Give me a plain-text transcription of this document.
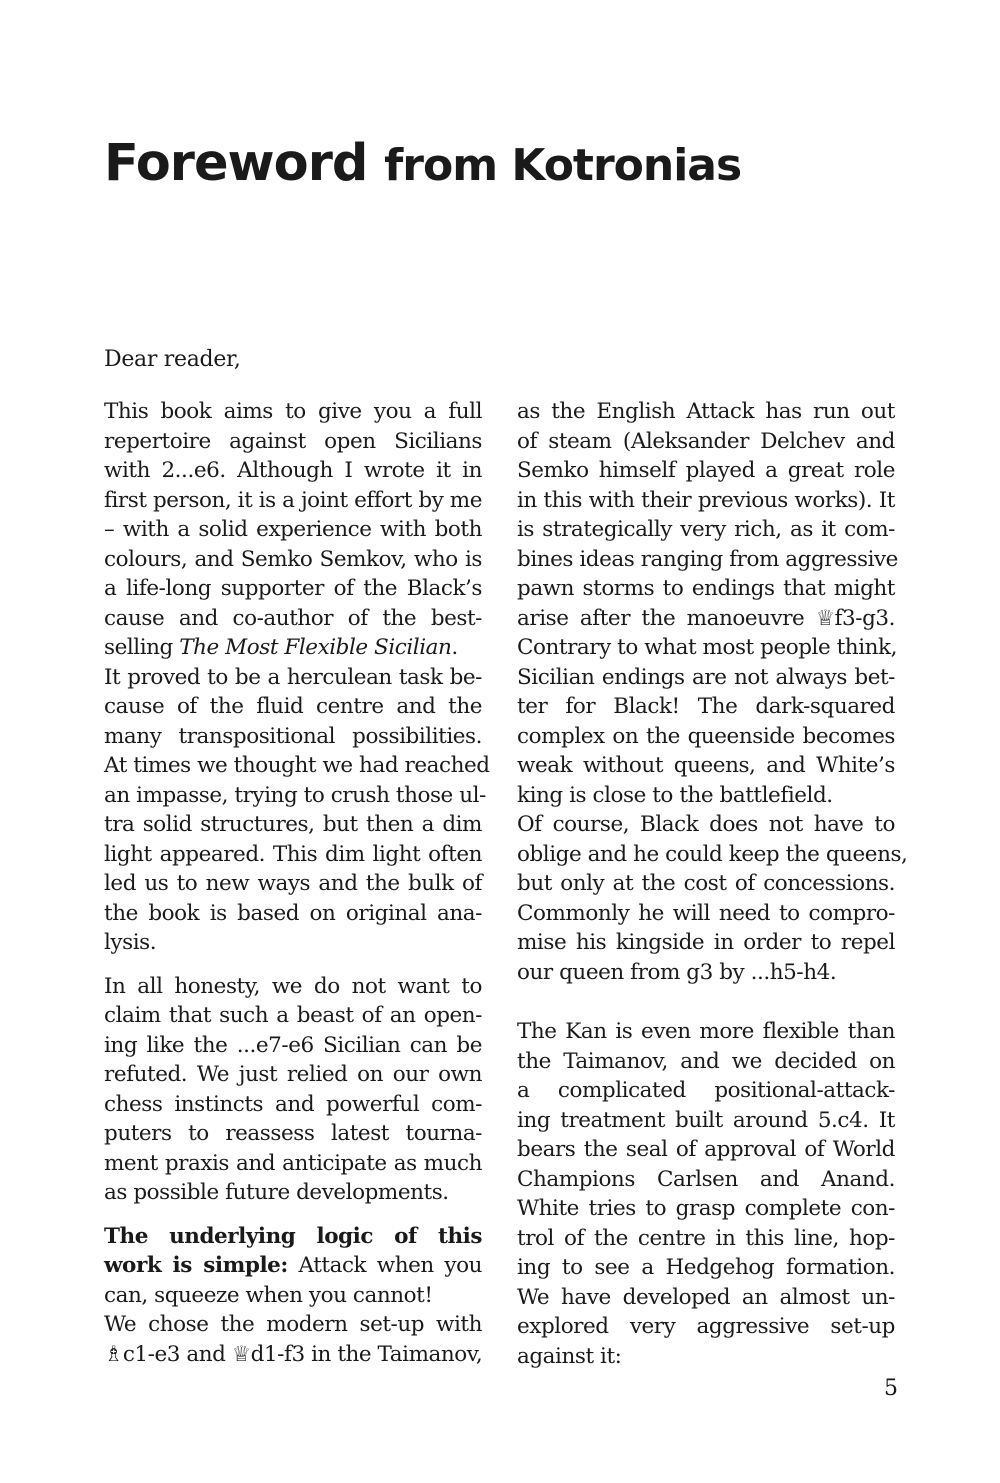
Foreword from Kotronias

Dear reader,

This book aims to give you a full
repertoire against open Sicilians
with 2...e6. Although I wrote it in
first person, it is a joint effort by me
– with a solid experience with both
colours, and Semko Semkov, who is
a life-long supporter of the Black’s
cause and co-author of the best-
selling The Most Flexible Sicilian.
It proved to be a herculean task be-
cause of the fluid centre and the
many transpositional possibilities.
At times we thought we had reached
an impasse, trying to crush those ul-
tra solid structures, but then a dim
light appeared. This dim light often
led us to new ways and the bulk of
the book is based on original ana-
lysis.
In all honesty, we do not want to
claim that such a beast of an open-
ing like the ...e7-e6 Sicilian can be
refuted. We just relied on our own
chess instincts and powerful com-
puters to reassess latest tourna-
ment praxis and anticipate as much
as possible future developments.
The underlying logic of this
work is simple: Attack when you
can, squeeze when you cannot!
We chose the modern set-up with
♗c1-e3 and ♕d1-f3 in the Taimanov,
as the English Attack has run out
of steam (Aleksander Delchev and
Semko himself played a great role
in this with their previous works). It
is strategically very rich, as it com-
bines ideas ranging from aggressive
pawn storms to endings that might
arise after the manoeuvre ♕f3-g3.
Contrary to what most people think,
Sicilian endings are not always bet-
ter for Black! The dark-squared
complex on the queenside becomes
weak without queens, and White’s
king is close to the battlefield.
Of course, Black does not have to
oblige and he could keep the queens,
but only at the cost of concessions.
Commonly he will need to compro-
mise his kingside in order to repel
our queen from g3 by ...h5-h4.
The Kan is even more flexible than
the Taimanov, and we decided on
a complicated positional-attack-
ing treatment built around 5.c4. It
bears the seal of approval of World
Champions Carlsen and Anand.
White tries to grasp complete con-
trol of the centre in this line, hop-
ing to see a Hedgehog formation.
We have developed an almost un-
explored very aggressive set-up
against it:
5
